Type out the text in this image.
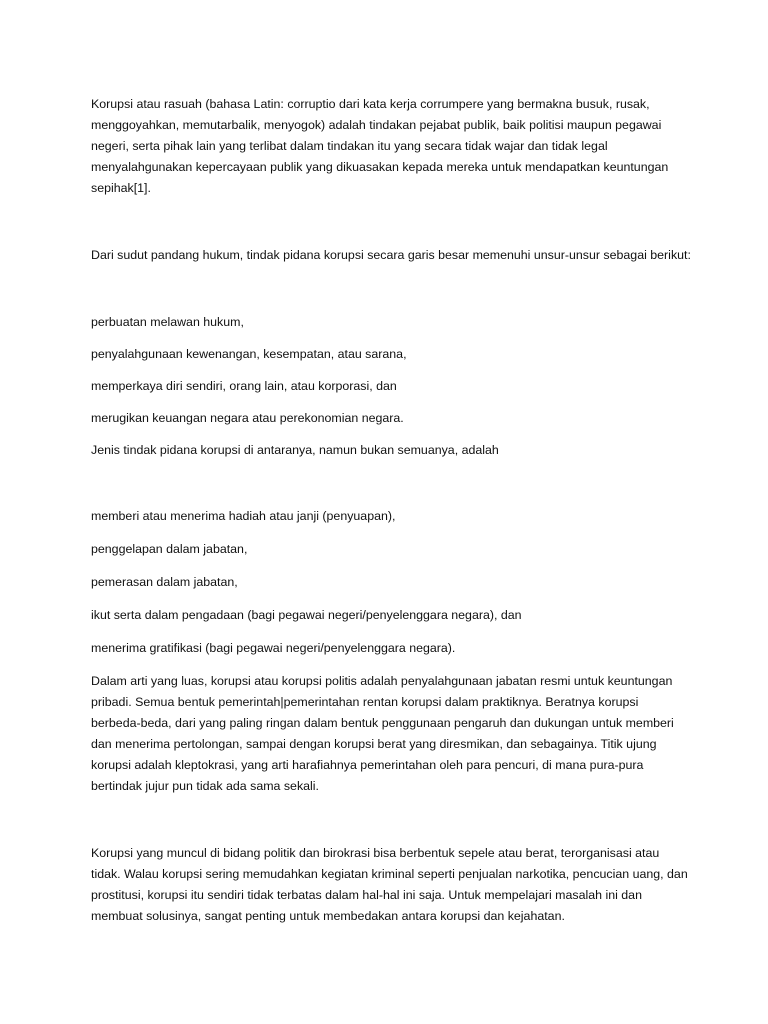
Korupsi atau rasuah (bahasa Latin: corruptio dari kata kerja corrumpere yang bermakna busuk, rusak, menggoyahkan, memutarbalik, menyogok) adalah tindakan pejabat publik, baik politisi maupun pegawai negeri, serta pihak lain yang terlibat dalam tindakan itu yang secara tidak wajar dan tidak legal menyalahgunakan kepercayaan publik yang dikuasakan kepada mereka untuk mendapatkan keuntungan sepihak[1].

Dari sudut pandang hukum, tindak pidana korupsi secara garis besar memenuhi unsur-unsur sebagai berikut:

perbuatan melawan hukum,

penyalahgunaan kewenangan, kesempatan, atau sarana,

memperkaya diri sendiri, orang lain, atau korporasi, dan

merugikan keuangan negara atau perekonomian negara.

Jenis tindak pidana korupsi di antaranya, namun bukan semuanya, adalah

memberi atau menerima hadiah atau janji (penyuapan),

penggelapan dalam jabatan,

pemerasan dalam jabatan,

ikut serta dalam pengadaan (bagi pegawai negeri/penyelenggara negara), dan

menerima gratifikasi (bagi pegawai negeri/penyelenggara negara).

Dalam arti yang luas, korupsi atau korupsi politis adalah penyalahgunaan jabatan resmi untuk keuntungan pribadi. Semua bentuk pemerintah|pemerintahan rentan korupsi dalam praktiknya. Beratnya korupsi berbeda-beda, dari yang paling ringan dalam bentuk penggunaan pengaruh dan dukungan untuk memberi dan menerima pertolongan, sampai dengan korupsi berat yang diresmikan, dan sebagainya. Titik ujung korupsi adalah kleptokrasi, yang arti harafiahnya pemerintahan oleh para pencuri, di mana pura-pura bertindak jujur pun tidak ada sama sekali.

Korupsi yang muncul di bidang politik dan birokrasi bisa berbentuk sepele atau berat, terorganisasi atau tidak. Walau korupsi sering memudahkan kegiatan kriminal seperti penjualan narkotika, pencucian uang, dan prostitusi, korupsi itu sendiri tidak terbatas dalam hal-hal ini saja. Untuk mempelajari masalah ini dan membuat solusinya, sangat penting untuk membedakan antara korupsi dan kejahatan.
